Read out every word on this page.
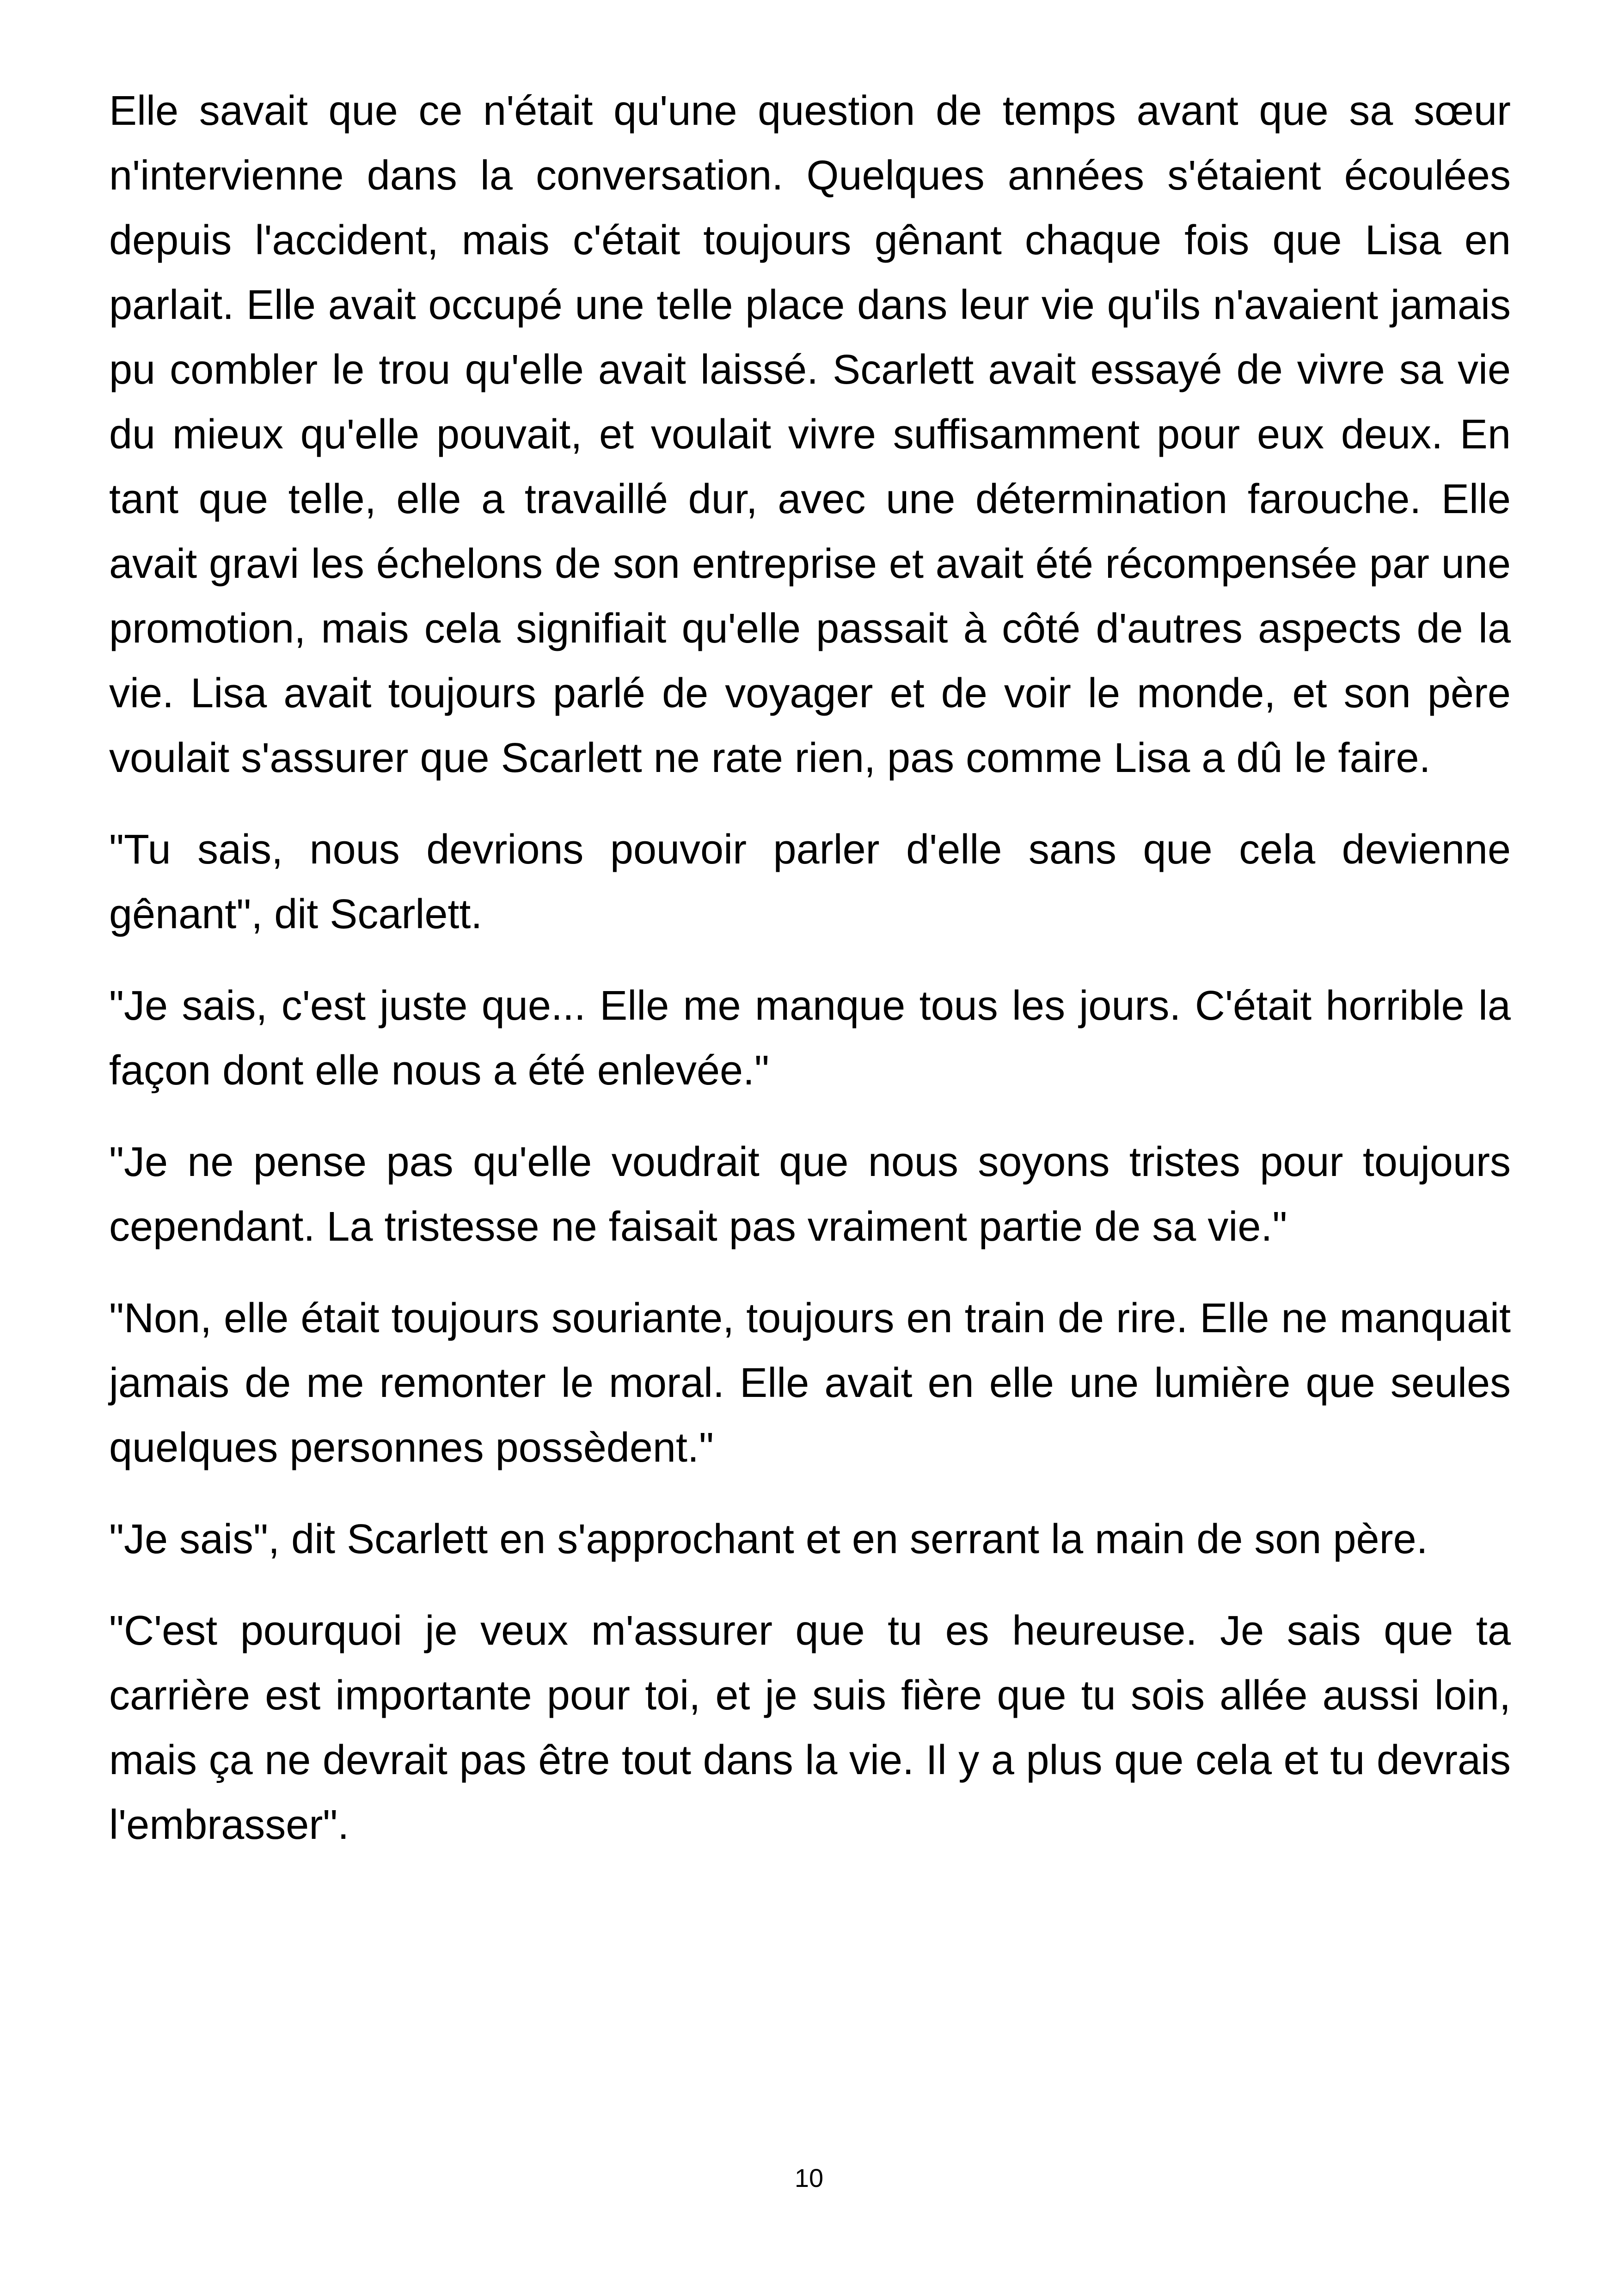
Elle savait que ce n'était qu'une question de temps avant que sa sœur n'intervienne dans la conversation. Quelques années s'étaient écoulées depuis l'accident, mais c'était toujours gênant chaque fois que Lisa en parlait. Elle avait occupé une telle place dans leur vie qu'ils n'avaient jamais pu combler le trou qu'elle avait laissé. Scarlett avait essayé de vivre sa vie du mieux qu'elle pouvait, et voulait vivre suffisamment pour eux deux. En tant que telle, elle a travaillé dur, avec une détermination farouche. Elle avait gravi les échelons de son entreprise et avait été récompensée par une promotion, mais cela signifiait qu'elle passait à côté d'autres aspects de la vie. Lisa avait toujours parlé de voyager et de voir le monde, et son père voulait s'assurer que Scarlett ne rate rien, pas comme Lisa a dû le faire.

"Tu sais, nous devrions pouvoir parler d'elle sans que cela devienne gênant", dit Scarlett.

"Je sais, c'est juste que... Elle me manque tous les jours. C'était horrible la façon dont elle nous a été enlevée."

"Je ne pense pas qu'elle voudrait que nous soyons tristes pour toujours cependant. La tristesse ne faisait pas vraiment partie de sa vie."

"Non, elle était toujours souriante, toujours en train de rire. Elle ne manquait jamais de me remonter le moral. Elle avait en elle une lumière que seules quelques personnes possèdent."

"Je sais", dit Scarlett en s'approchant et en serrant la main de son père.

"C'est pourquoi je veux m'assurer que tu es heureuse. Je sais que ta carrière est importante pour toi, et je suis fière que tu sois allée aussi loin, mais ça ne devrait pas être tout dans la vie. Il y a plus que cela et tu devrais l'embrasser".

10
